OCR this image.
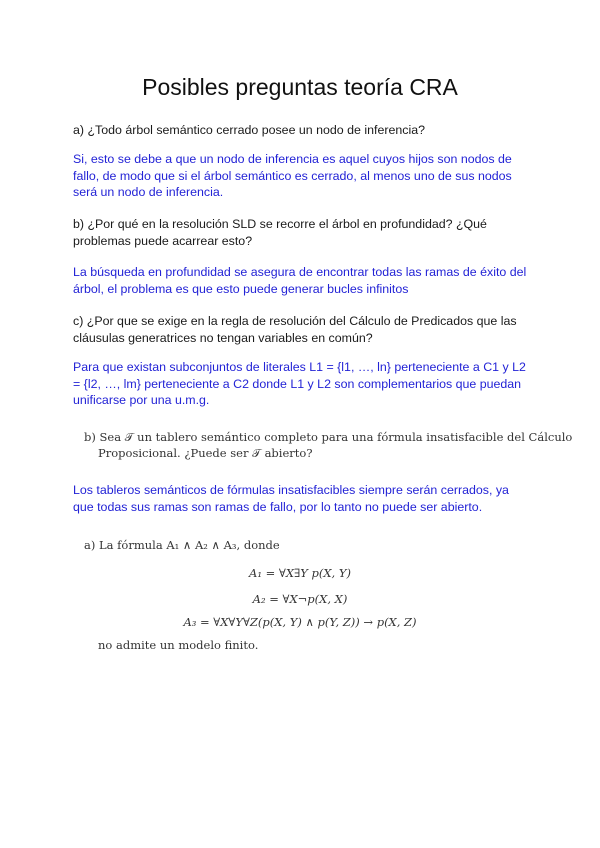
Posibles preguntas teoría CRA

a) ¿Todo árbol semántico cerrado posee un nodo de inferencia?

Si, esto se debe a que un nodo de inferencia es aquel cuyos hijos son nodos de fallo, de modo que si el árbol semántico es cerrado, al menos uno de sus nodos será un nodo de inferencia.

b) ¿Por qué en la resolución SLD se recorre el árbol en profundidad? ¿Qué problemas puede acarrear esto?

La búsqueda en profundidad se asegura de encontrar todas las ramas de éxito del árbol, el problema es que esto puede generar bucles infinitos

c) ¿Por que se exige en la regla de resolución del Cálculo de Predicados que las cláusulas generatrices no tengan variables en común?

Para que existan subconjuntos de literales L1 = {l1, …, ln} perteneciente a C1 y L2 = {l2, …, lm} perteneciente a C2 donde L1 y L2 son complementarios que puedan unificarse por una u.m.g.

b) Sea 𝒯 un tablero semántico completo para una fórmula insatisfacible del Cálculo
Proposicional. ¿Puede ser 𝒯 abierto?

Los tableros semánticos de fórmulas insatisfacibles siempre serán cerrados, ya que todas sus ramas son ramas de fallo, por lo tanto no puede ser abierto.

a) La fórmula A₁ ∧ A₂ ∧ A₃, donde

A₁ = ∀X∃Y p(X, Y)

A₂ = ∀X¬p(X, X)

A₃ = ∀X∀Y∀Z(p(X, Y) ∧ p(Y, Z)) → p(X, Z)

no admite un modelo finito.
